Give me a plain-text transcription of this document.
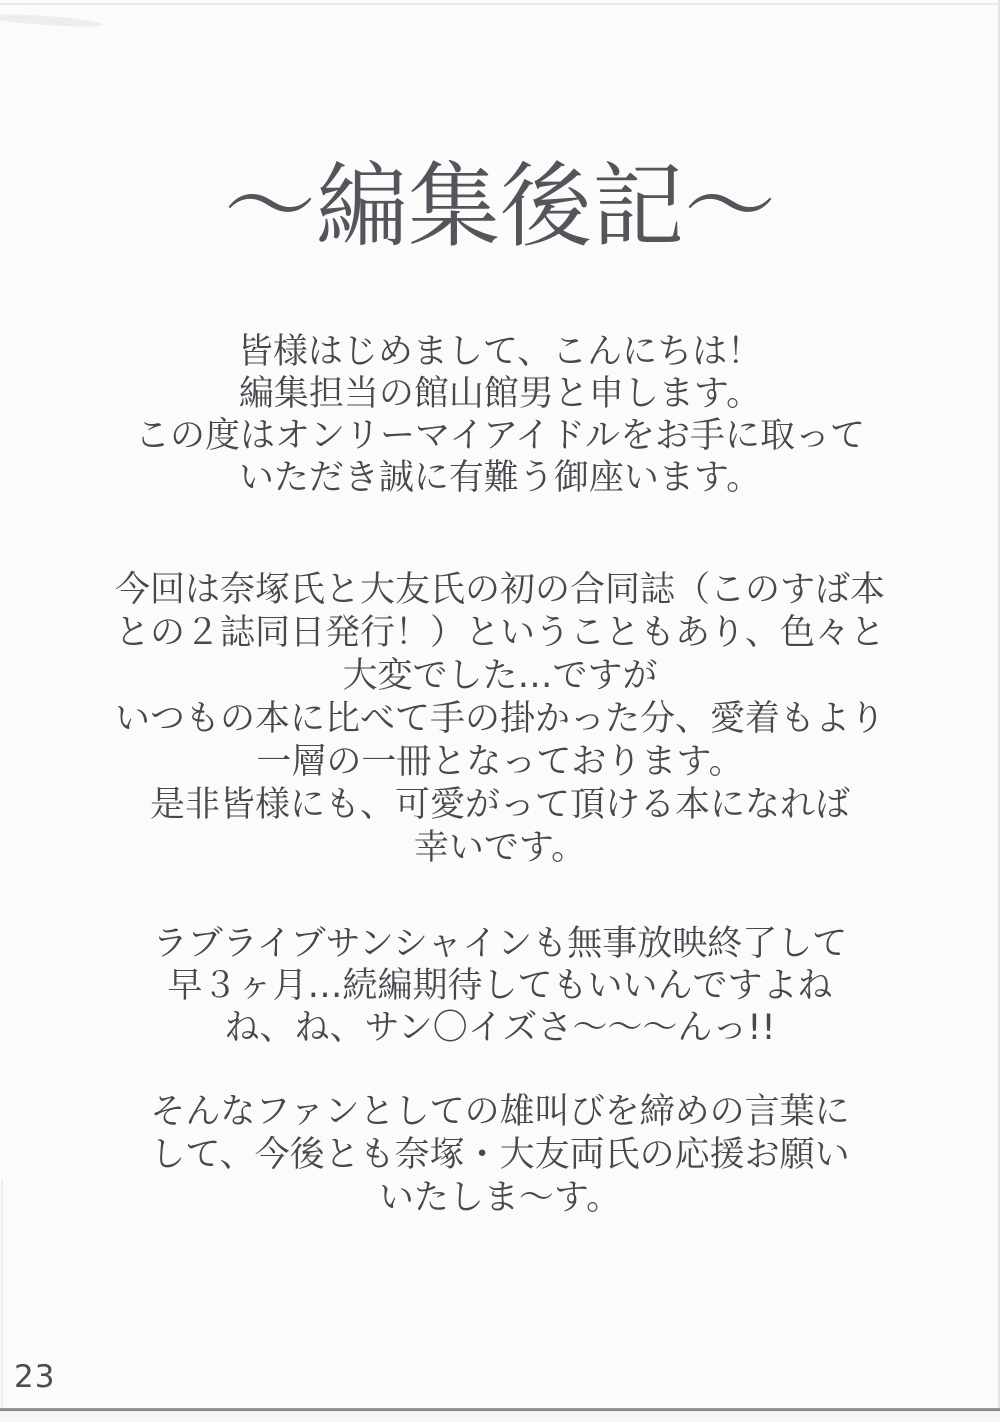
～編集後記～
皆様はじめまして、こんにちは！
編集担当の館山館男と申します。
この度はオンリーマイアイドルをお手に取って
いただき誠に有難う御座います。
今回は奈塚氏と大友氏の初の合同誌（このすば本
との２誌同日発行！）ということもあり、色々と
大変でした…ですが
いつもの本に比べて手の掛かった分、愛着もより
一層の一冊となっております。
是非皆様にも、可愛がって頂ける本になれば
幸いです。
ラブライブサンシャインも無事放映終了して
早３ヶ月…続編期待してもいいんですよね
ね、ね、サン〇イズさ～～～んっ!!
そんなファンとしての雄叫びを締めの言葉に
して、今後とも奈塚・大友両氏の応援お願い
いたしま～す。
23
